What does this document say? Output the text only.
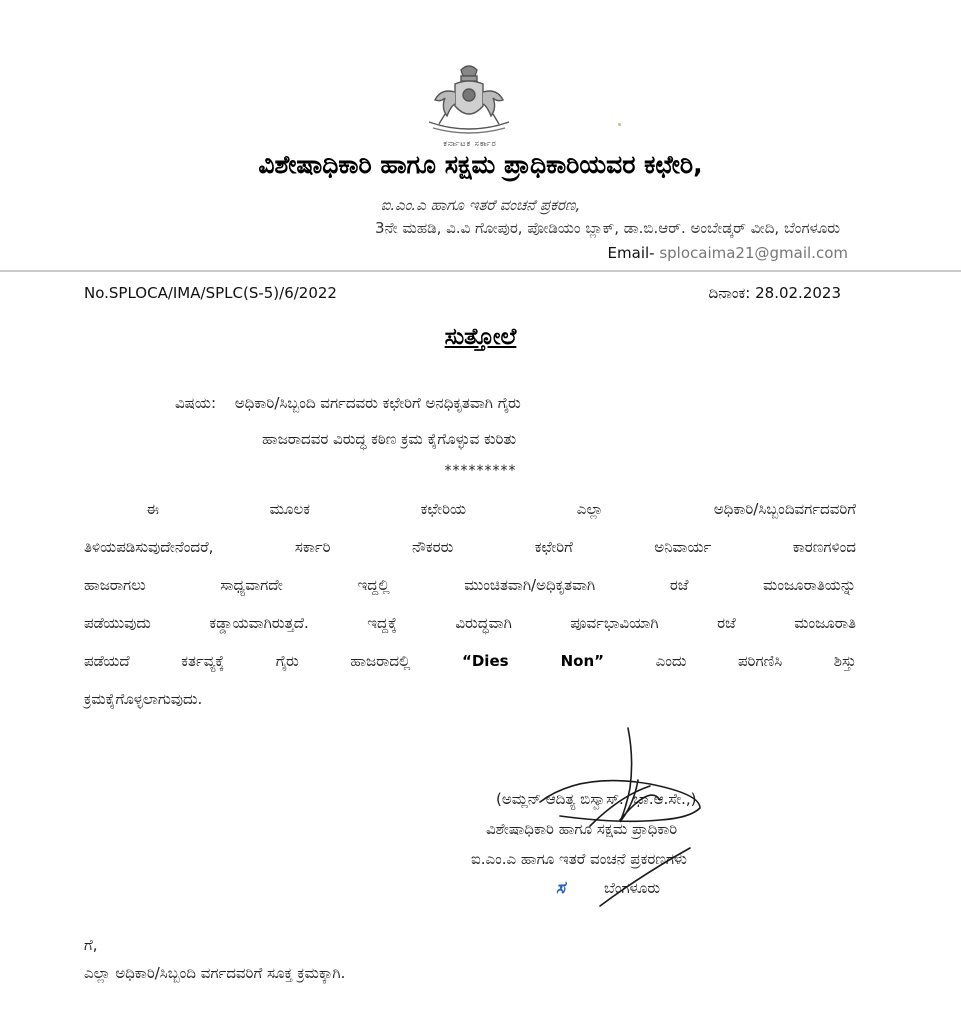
ಕರ್ನಾಟಕ ಸರ್ಕಾರ
ವಿಶೇಷಾಧಿಕಾರಿ ಹಾಗೂ ಸಕ್ಷಮ ಪ್ರಾಧಿಕಾರಿಯವರ ಕಛೇರಿ,
ಐ.ಎಂ.ಎ ಹಾಗೂ ಇತರೆ ವಂಚನೆ ಪ್ರಕರಣ,
3ನೇ ಮಹಡಿ, ವಿ.ವಿ ಗೋಪುರ, ಪೋಡಿಯಂ ಬ್ಲಾಕ್, ಡಾ.ಬಿ.ಆರ್. ಅಂಬೇಡ್ಕರ್ ವೀದಿ, ಬೆಂಗಳೂರು
Email- splocaima21@gmail.com
No.SPLOCA/IMA/SPLC(S-5)/6/2022	ದಿನಾಂಕ: 28.02.2023
ಸುತ್ತೋಲೆ
ವಿಷಯ: ಅಧಿಕಾರಿ/ಸಿಬ್ಬಂದಿ ವರ್ಗದವರು ಕಛೇರಿಗೆ ಅನಧಿಕೃತವಾಗಿ ಗೈರು
ಹಾಜರಾದವರ ವಿರುದ್ಧ ಕಠಿಣ ಕ್ರಮ ಕೈಗೊಳ್ಳುವ ಕುರಿತು
*********
ಈ ಮೂಲಕ ಕಛೇರಿಯ ಎಲ್ಲಾ ಅಧಿಕಾರಿ/ಸಿಬ್ಬಂದಿವರ್ಗದವರಿಗೆ
ತಿಳಿಯಪಡಿಸುವುದೇನೆಂದರೆ, ಸರ್ಕಾರಿ ನೌಕರರು ಕಛೇರಿಗೆ ಅನಿವಾರ್ಯ ಕಾರಣಗಳಿಂದ
ಹಾಜರಾಗಲು ಸಾಧ್ಯವಾಗದೇ ಇದ್ದಲ್ಲಿ ಮುಂಚಿತವಾಗಿ/ಅಧಿಕೃತವಾಗಿ ರಜೆ ಮಂಜೂರಾತಿಯನ್ನು
ಪಡೆಯುವುದು ಕಡ್ಡಾಯವಾಗಿರುತ್ತದೆ. ಇದ್ದಕ್ಕೆ ವಿರುದ್ಧವಾಗಿ ಪೂರ್ವಭಾವಿಯಾಗಿ ರಜೆ ಮಂಜೂರಾತಿ
ಪಡೆಯದೆ ಕರ್ತವ್ಯಕ್ಕೆ ಗೈರು ಹಾಜರಾದಲ್ಲಿ	“Dies Non”	ಎಂದು ಪರಿಗಣಿಸಿ ಶಿಸ್ತು
ಕ್ರಮಕೈಗೊಳ್ಳಲಾಗುವುದು.
(ಅಮ್ಲನ್ ಆದಿತ್ಯ ಬಿಸ್ವಾಸ್., ಭಾ.ಆ.ಸೇ.,)
ವಿಶೇಷಾಧಿಕಾರಿ ಹಾಗೂ ಸಕ್ಷಮ ಪ್ರಾಧಿಕಾರಿ
ಐ.ಎಂ.ಎ ಹಾಗೂ ಇತರೆ ವಂಚನೆ ಪ್ರಕರಣಗಳು
ಬೆಂಗಳೂರು
ಸ
ಗೆ,
ಎಲ್ಲಾ ಅಧಿಕಾರಿ/ಸಿಬ್ಬಂದಿ ವರ್ಗದವರಿಗೆ ಸೂಕ್ತ ಕ್ರಮಕ್ಕಾಗಿ.
